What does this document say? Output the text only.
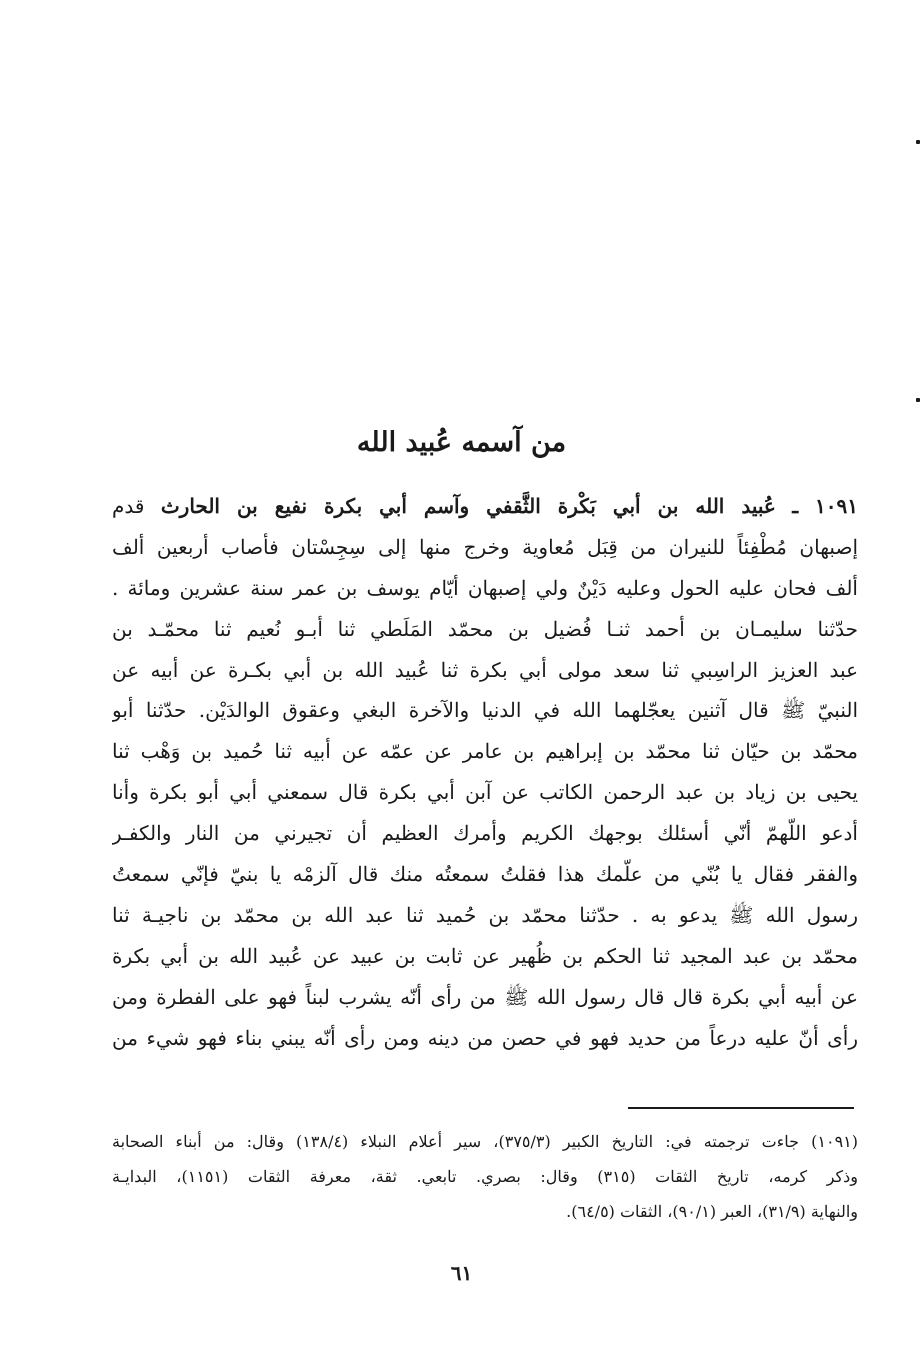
من آسمه عُبيد الله
١٠٩١ ـ عُبيد الله بن أبي بَكْرة الثَّقفي وآسم أبي بكرة نفيع بن الحارث قدم
إصبهان مُطْفِئاً للنيران من قِبَل مُعاوية وخرج منها إلى سِجِسْتان فأصاب أربعين ألف
ألف فحان عليه الحول وعليه دَيْنٌ ولي إصبهان أيّام يوسف بن عمر سنة عشرين ومائة .
حدّثنا سليمـان بن أحمد ثنـا فُضيل بن محمّد المَلَطي ثنا أبـو نُعيم ثنا محمّـد بن
عبد العزيز الراسِبي ثنا سعد مولى أبي بكرة ثنا عُبيد الله بن أبي بكـرة عن أبيه عن
النبيّ ﷺ قال آثنين يعجّلهما الله في الدنيا والآخرة البغي وعقوق الوالدَيْن. حدّثنا أبو
محمّد بن حيّان ثنا محمّد بن إبراهيم بن عامر عن عمّه عن أبيه ثنا حُميد بن وَهْب ثنا
يحيى بن زياد بن عبد الرحمن الكاتب عن آبن أبي بكرة قال سمعني أبي أبو بكرة وأنا
أدعو اللّهمّ أنّي أسئلك بوجهك الكريم وأمرك العظيم أن تجيرني من النار والكفـر
والفقر فقال يا بُنّي من علّمك هذا فقلتُ سمعتُه منك قال آلزمْه يا بنيّ فإنّي سمعتُ
رسول الله ﷺ يدعو به . حدّثنا محمّد بن حُميد ثنا عبد الله بن محمّد بن ناجيـة ثنا
محمّد بن عبد المجيد ثنا الحكم بن ظُهير عن ثابت بن عبيد عن عُبيد الله بن أبي بكرة
عن أبيه أبي بكرة قال قال رسول الله ﷺ من رأى أنّه يشرب لبناً فهو على الفطرة ومن
رأى أنّ عليه درعاً من حديد فهو في حصن من دينه ومن رأى أنّه يبني بناء فهو شيء من
(١٠٩١) جاءت ترجمته في: التاريخ الكبير (٣٧٥/٣)، سير أعلام النبلاء (١٣٨/٤) وقال: من أبناء الصحابة
وذكر كرمه، تاريخ الثقات (٣١٥) وقال: بصري. تابعي. ثقة، معرفة الثقات (١١٥١)، البدايـة
والنهاية (٣١/٩)، العبر (٩٠/١)، الثقات (٦٤/٥).
٦١
